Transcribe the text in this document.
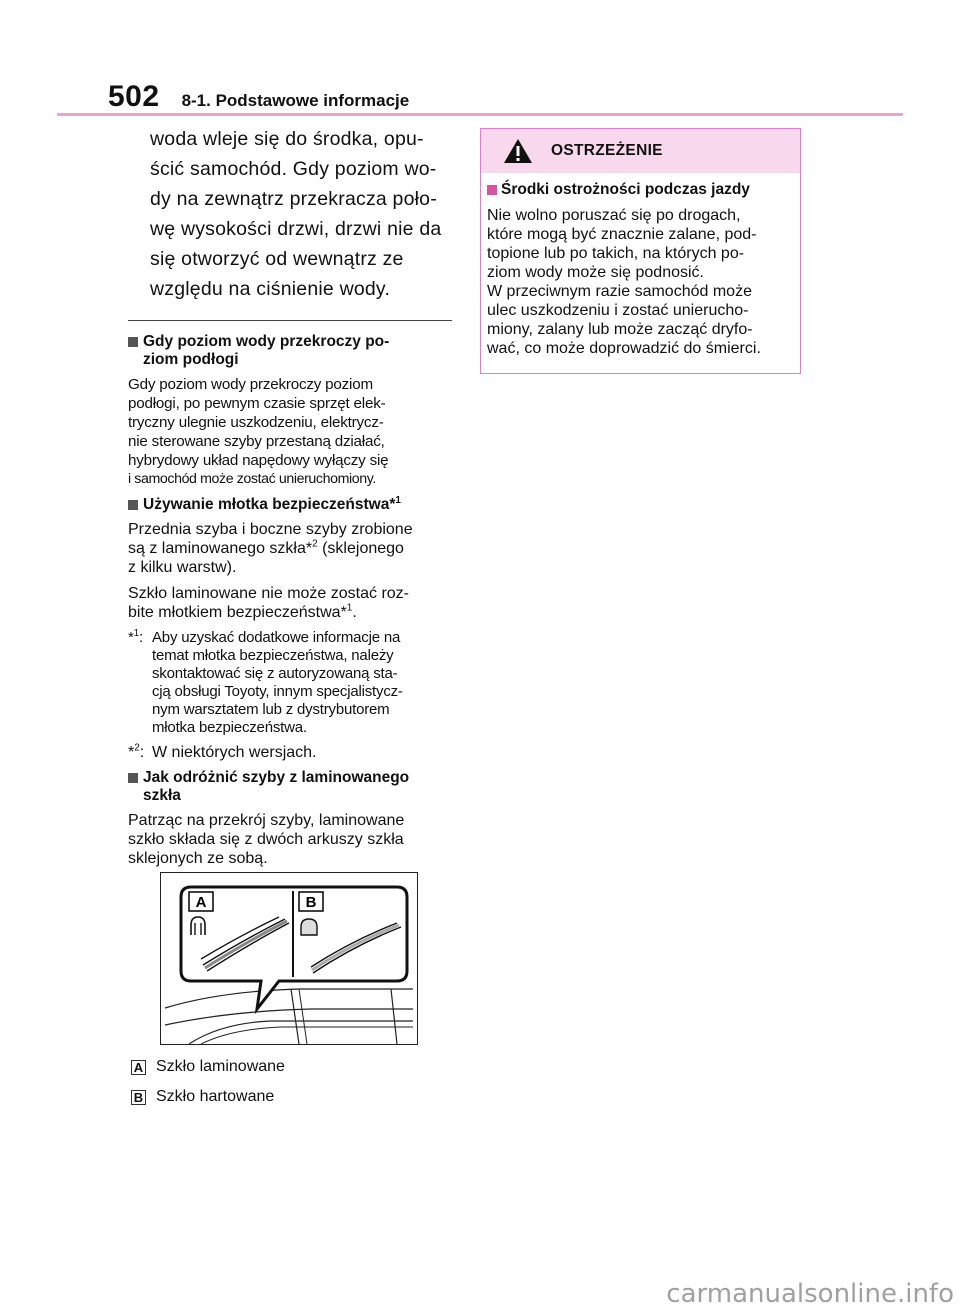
502 8-1. Podstawowe informacje
woda wleje się do środka, opu-
ścić samochód. Gdy poziom wo-
dy na zewnątrz przekracza poło-
wę wysokości drzwi, drzwi nie da
się otworzyć od wewnątrz ze
względu na ciśnienie wody.
Gdy poziom wody przekroczy po-
ziom podłogi

Gdy poziom wody przekroczy poziom
podłogi, po pewnym czasie sprzęt elek-
tryczny ulegnie uszkodzeniu, elektrycz-
nie sterowane szyby przestaną działać,
hybrydowy układ napędowy wyłączy się
i samochód może zostać unieruchomiony.

Używanie młotka bezpieczeństwa*$^1$

Przednia szyba i boczne szyby zrobione
są z laminowanego szkła*$^2$ (sklejonego
z kilku warstw).

Szkło laminowane nie może zostać roz-
bite młotkiem bezpieczeństwa*$^1$.

*$^1$: Aby uzyskać dodatkowe informacje na
temat młotka bezpieczeństwa, należy
skontaktować się z autoryzowaną sta-
cją obsługi Toyoty, innym specjalistycz-
nym warsztatem lub z dystrybutorem
młotka bezpieczeństwa.
*$^2$: W niektórych wersjach.
Jak odróżnić szyby z laminowanego
szkła

Patrząc na przekrój szyby, laminowane
szkło składa się z dwóch arkuszy szkła
sklejonych ze sobą.

A	B
A Szkło laminowane
B Szkło hartowane
OSTRZEŻENIE
Środki ostrożności podczas jazdy

Nie wolno poruszać się po drogach,
które mogą być znacznie zalane, pod-
topione lub po takich, na których po-
ziom wody może się podnosić.
W przeciwnym razie samochód może
ulec uszkodzeniu i zostać unierucho-
miony, zalany lub może zacząć dryfo-
wać, co może doprowadzić do śmierci.

carmanualsonline.info
